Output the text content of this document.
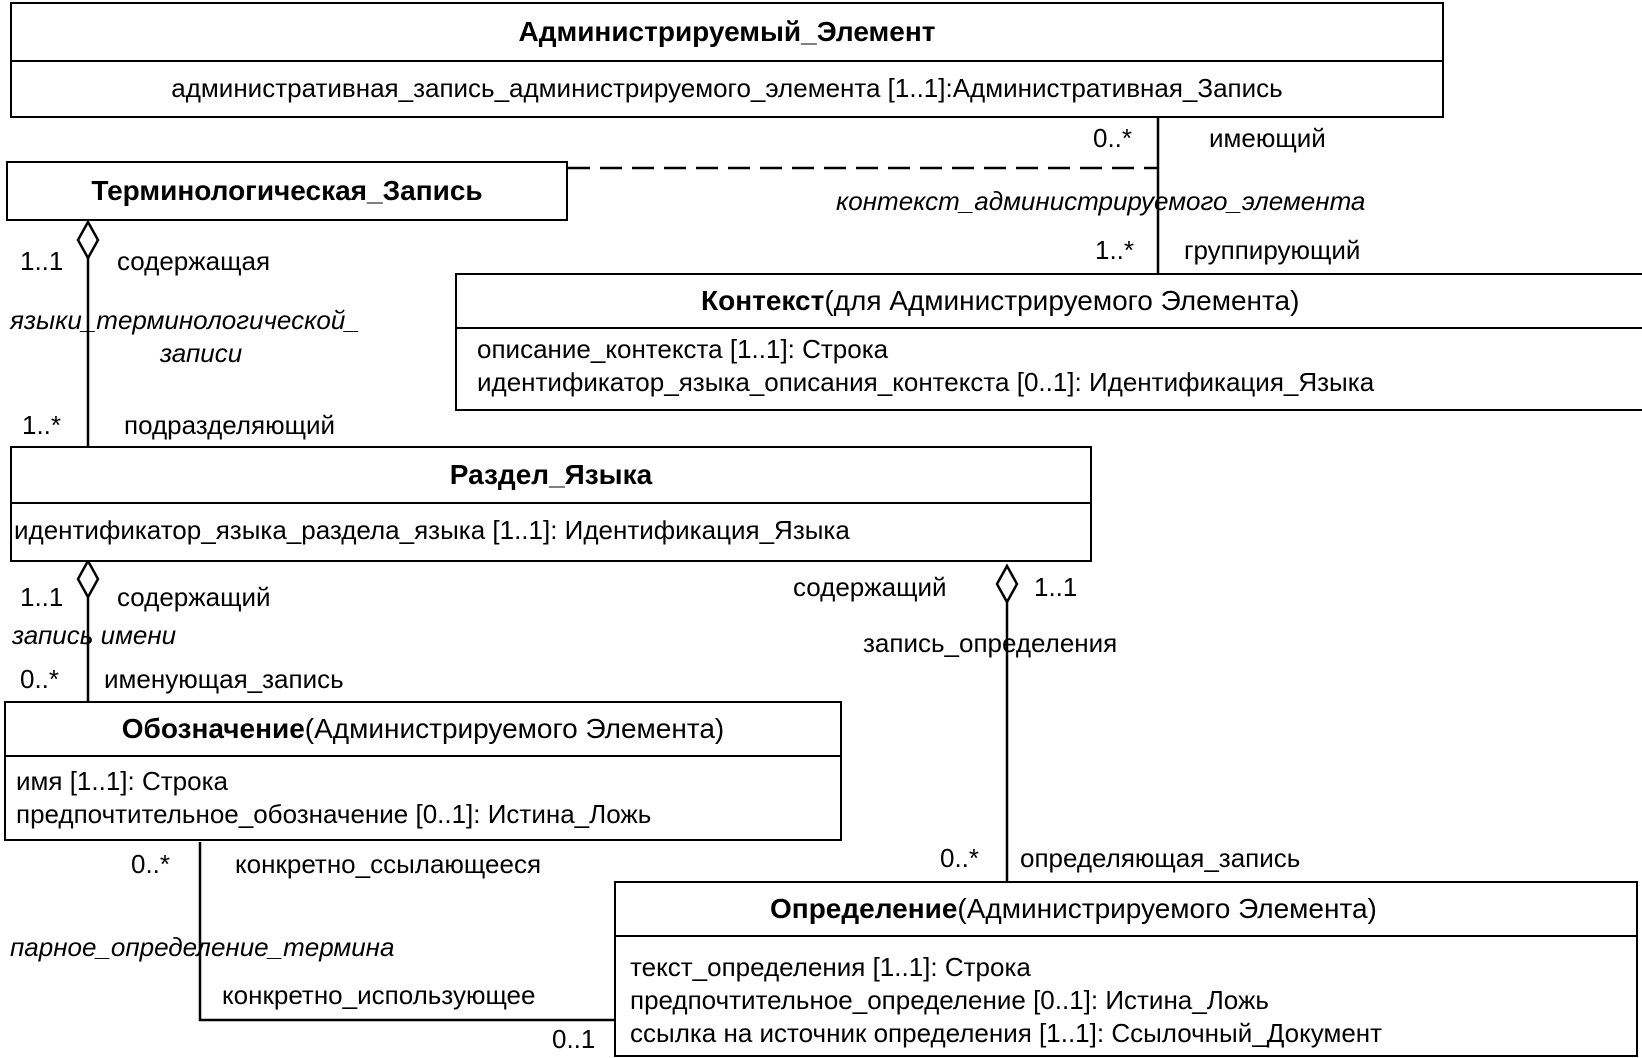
Администрируемый_Элемент
административная_запись_администрируемого_элемента [1..1]:Административная_Запись
Терминологическая_Запись
Контекст (для Администрируемого Элемента)
описание_контекста [1..1]: Строка
идентификатор_языка_описания_контекста [0..1]: Идентификация_Языка
Раздел_Языка
идентификатор_языка_раздела_языка [1..1]: Идентификация_Языка
Обозначение (Администрируемого Элемента)
имя [1..1]: Строка
предпочтительное_обозначение [0..1]: Истина_Ложь
Определение (Администрируемого Элемента)
текст_определения [1..1]: Строка
предпочтительное_определение [0..1]: Истина_Ложь
ссылка на источник определения [1..1]: Ссылочный_Документ
0..*	имеющий
контекст_администрируемого_элемента
1..* группирующий
1..1 содержащая
языки_терминологической_
записи
1..* подразделяющий
1..1 содержащий
запись имени
0..* именующая_запись
содержащий	1..1
запись_определения
0..* определяющая_запись
0..* конкретно_ссылающееся
парное_определение_термина
конкретно_использующее
0..1
